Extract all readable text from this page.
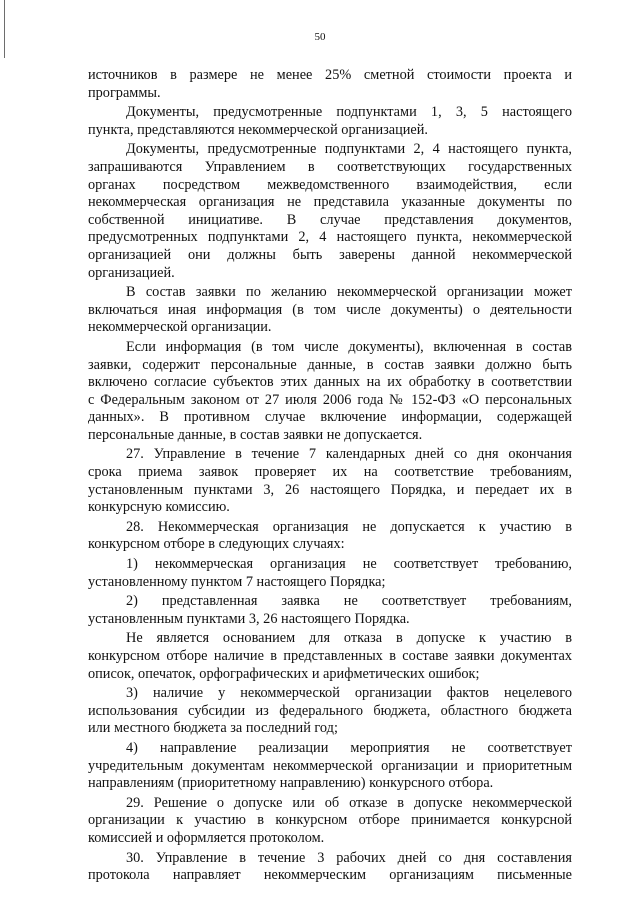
50

источников в размере не менее 25% сметной стоимости проекта и
программы.

Документы, предусмотренные подпунктами 1, 3, 5 настоящего
пункта, представляются некоммерческой организацией.

Документы, предусмотренные подпунктами 2, 4 настоящего пункта,
запрашиваются Управлением в соответствующих государственных
органах посредством межведомственного взаимодействия, если
некоммерческая организация не представила указанные документы по
собственной инициативе. В случае представления документов,
предусмотренных подпунктами 2, 4 настоящего пункта, некоммерческой
организацией они должны быть заверены данной некоммерческой
организацией.

В состав заявки по желанию некоммерческой организации может
включаться иная информация (в том числе документы) о деятельности
некоммерческой организации.

Если информация (в том числе документы), включенная в состав
заявки, содержит персональные данные, в состав заявки должно быть
включено согласие субъектов этих данных на их обработку в соответствии
с Федеральным законом от 27 июля 2006 года № 152-ФЗ «О персональных
данных». В противном случае включение информации, содержащей
персональные данные, в состав заявки не допускается.

27. Управление в течение 7 календарных дней со дня окончания
срока приема заявок проверяет их на соответствие требованиям,
установленным пунктами 3, 26 настоящего Порядка, и передает их в
конкурсную комиссию.

28. Некоммерческая организация не допускается к участию в
конкурсном отборе в следующих случаях:

1) некоммерческая организация не соответствует требованию,
установленному пунктом 7 настоящего Порядка;

2) представленная заявка не соответствует требованиям,
установленным пунктами 3, 26 настоящего Порядка.

Не является основанием для отказа в допуске к участию в
конкурсном отборе наличие в представленных в составе заявки документах
описок, опечаток, орфографических и арифметических ошибок;

3) наличие у некоммерческой организации фактов нецелевого
использования субсидии из федерального бюджета, областного бюджета
или местного бюджета за последний год;

4) направление реализации мероприятия не соответствует
учредительным документам некоммерческой организации и приоритетным
направлениям (приоритетному направлению) конкурсного отбора.

29. Решение о допуске или об отказе в допуске некоммерческой
организации к участию в конкурсном отборе принимается конкурсной
комиссией и оформляется протоколом.

30. Управление в течение 3 рабочих дней со дня составления
протокола направляет некоммерческим организациям письменные
